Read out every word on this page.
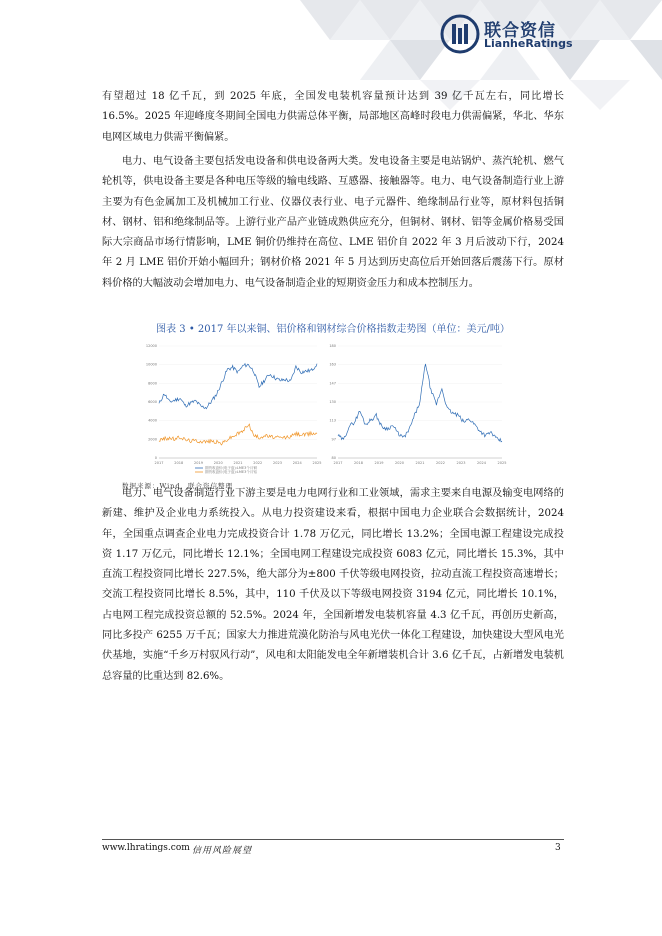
联合资信
LianheRatings

有望超过 18 亿千瓦，到 2025 年底，全国发电装机容量预计达到 39 亿千瓦左右，同比增长 16.5%。2025 年迎峰度冬期间全国电力供需总体平衡，局部地区高峰时段电力供需偏紧，华北、华东电网区域电力供需平衡偏紧。

电力、电气设备主要包括发电设备和供电设备两大类。发电设备主要是电站锅炉、蒸汽轮机、燃气轮机等，供电设备主要是各种电压等级的输电线路、互感器、接触器等。电力、电气设备制造行业上游主要为有色金属加工及机械加工行业、仪器仪表行业、电子元器件、绝缘制品行业等，原材料包括铜材、钢材、铝和绝缘制品等。上游行业产品产业链成熟供应充分，但铜材、钢材、铝等金属价格易受国际大宗商品市场行情影响，LME 铜价仍维持在高位、LME 铝价自 2022 年 3 月后波动下行，2024 年 2 月 LME 铝价开始小幅回升；钢材价格 2021 年 5 月达到历史高位后开始回落后震荡下行。原材料价格的大幅波动会增加电力、电气设备制造企业的短期资金压力和成本控制压力。

图表 3 • 2017 年以来铜、铝价格和钢材综合价格指数走势图（单位：美元/吨）
12000
10000
8000
6000
4000
2000
0
2017	2018	2019	2020	2021	2022	2023	2024	2025
期货收盘价(电子盘):LME3个月铜
期货收盘价(电子盘):LME3个月铝
180
163
147
130
113
97
80
2017	2018	2019	2020	2021	2022	2023	2024	2025
数据来源：Wind，联合资信整理

电力、电气设备制造行业下游主要是电力电网行业和工业领域，需求主要来自电源及输变电网络的新建、维护及企业电力系统投入。从电力投资建设来看，根据中国电力企业联合会数据统计，2024 年，全国重点调查企业电力完成投资合计 1.78 万亿元，同比增长 13.2%；全国电源工程建设完成投资 1.17 万亿元，同比增长 12.1%；全国电网工程建设完成投资 6083 亿元，同比增长 15.3%，其中直流工程投资同比增长 227.5%，绝大部分为±800 千伏等级电网投资，拉动直流工程投资高速增长；交流工程投资同比增长 8.5%，其中，110 千伏及以下等级电网投资 3194 亿元，同比增长 10.1%，占电网工程完成投资总额的 52.5%。2024 年，全国新增发电装机容量 4.3 亿千瓦，再创历史新高，同比多投产 6255 万千瓦；国家大力推进荒漠化防治与风电光伏一体化工程建设，加快建设大型风电光伏基地，实施“千乡万村驭风行动”，风电和太阳能发电全年新增装机合计 3.6 亿千瓦，占新增发电装机总容量的比重达到 82.6%。

www.lhratings.com 信用风险展望	3
